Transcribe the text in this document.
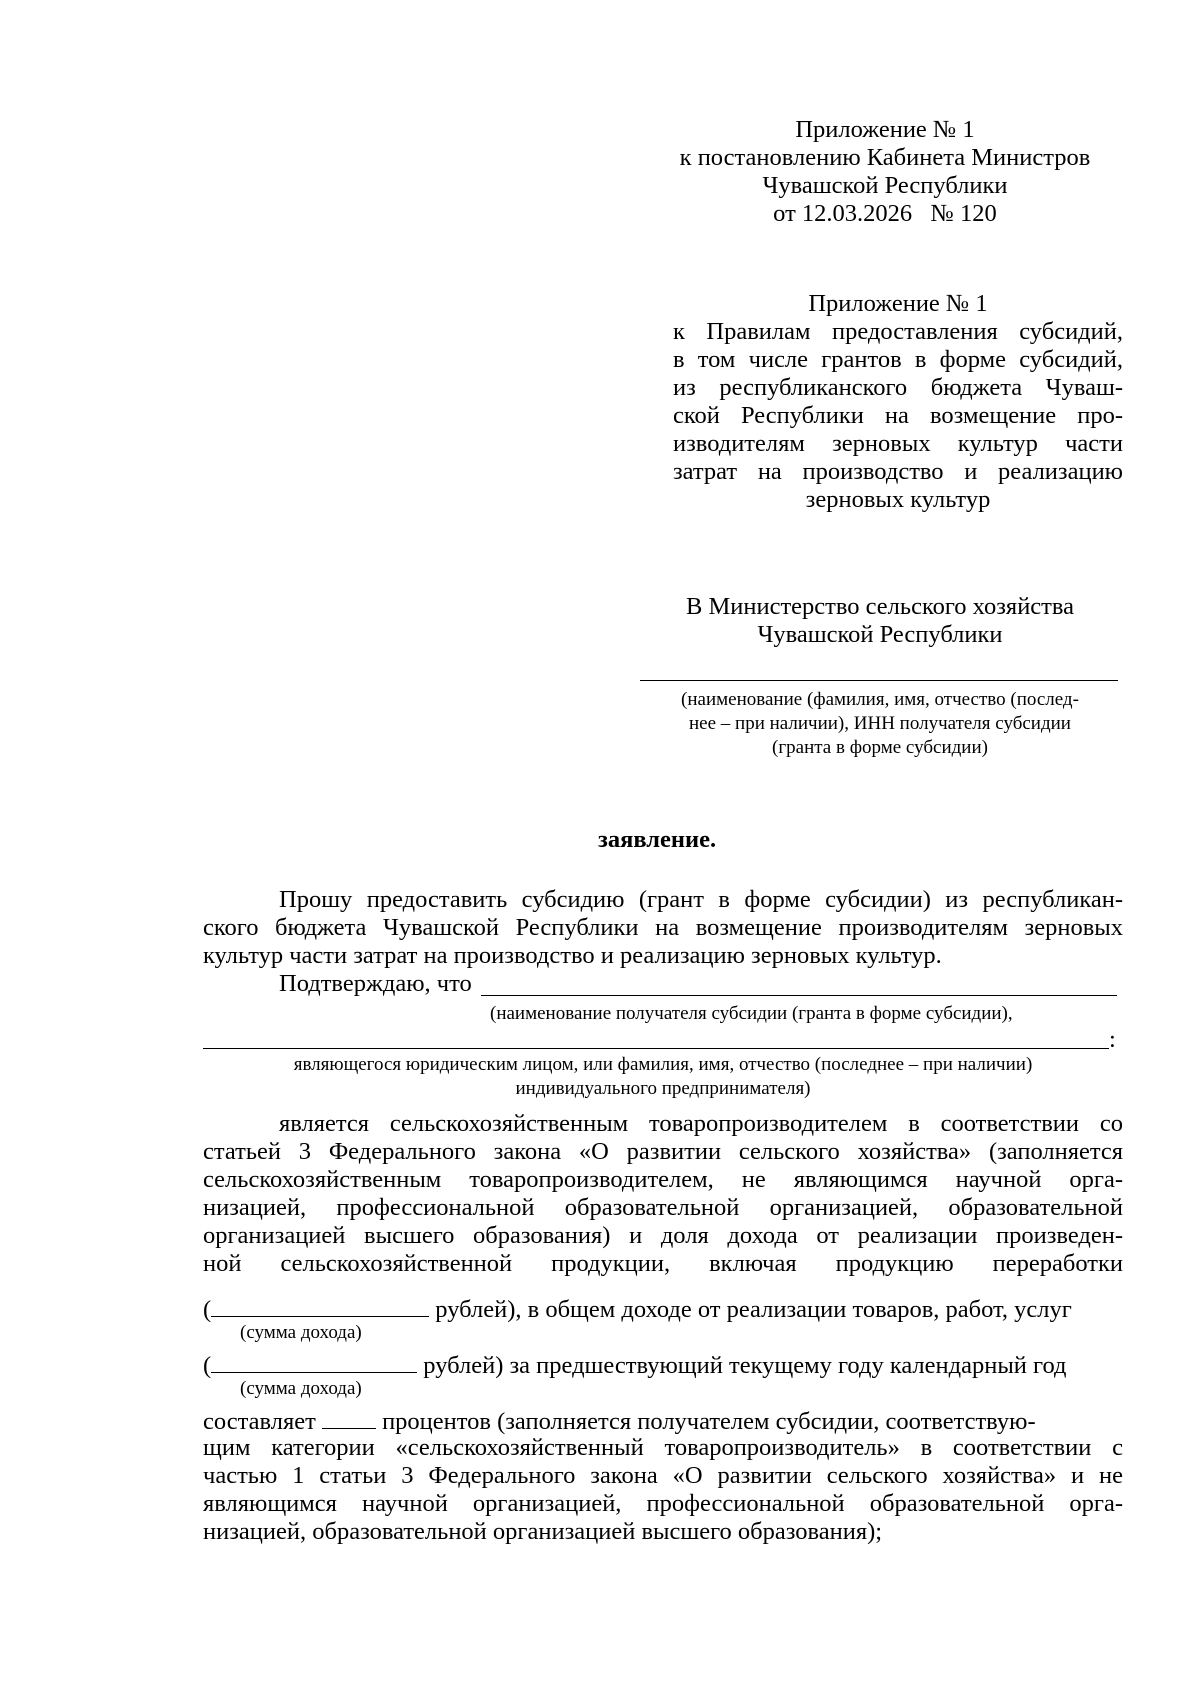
Приложение № 1
к постановлению Кабинета Министров
Чувашской Республики
от 12.03.2026   № 120
Приложение № 1
к Правилам предоставления субсидий,
в том числе грантов в форме субсидий,
из республиканского бюджета Чуваш-
ской Республики на возмещение про-
изводителям зерновых культур части
затрат на производство и реализацию
зерновых культур
В Министерство сельского хозяйства
Чувашской Республики
(наименование (фамилия, имя, отчество (послед-
нее – при наличии), ИНН получателя субсидии
(гранта в форме субсидии)
заявление.
Прошу предоставить субсидию (грант в форме субсидии) из республикан-
ского бюджета Чувашской Республики на возмещение производителям зерновых
культур части затрат на производство и реализацию зерновых культур.
Подтверждаю, что
(наименование получателя субсидии (гранта в форме субсидии),
:
являющегося юридическим лицом, или фамилия, имя, отчество (последнее – при наличии)
индивидуального предпринимателя)
является сельскохозяйственным товаропроизводителем в соответствии со
статьей 3 Федерального закона «О развитии сельского хозяйства» (заполняется
сельскохозяйственным товаропроизводителем, не являющимся научной орга-
низацией, профессиональной образовательной организацией, образовательной
организацией высшего образования) и доля дохода от реализации произведен-
ной сельскохозяйственной продукции, включая продукцию переработки
(	рублей), в общем доходе от реализации товаров, работ, услуг
(сумма дохода)
(	рублей) за предшествующий текущему году календарный год
(сумма дохода)
составляет	процентов (заполняется получателем субсидии, соответствую-
щим категории «сельскохозяйственный товаропроизводитель» в соответствии с
частью 1 статьи 3 Федерального закона «О развитии сельского хозяйства» и не
являющимся научной организацией, профессиональной образовательной орга-
низацией, образовательной организацией высшего образования);
